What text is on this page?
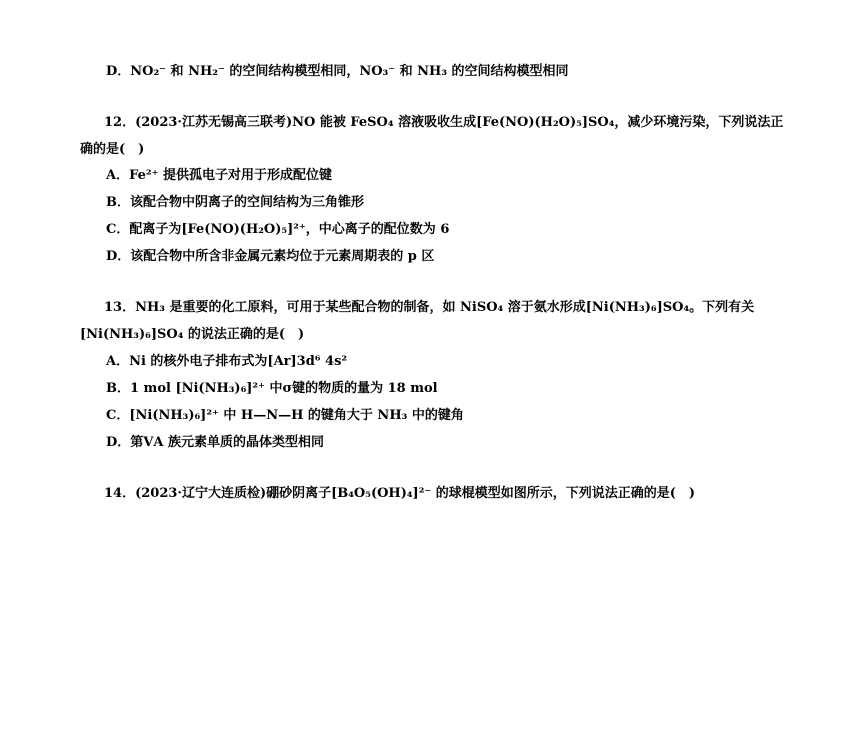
D．NO₂⁻ 和 NH₂⁻ 的空间结构模型相同，NO₃⁻ 和 NH₃ 的空间结构模型相同
12．(2023·江苏无锡高三联考)NO 能被 FeSO₄ 溶液吸收生成[Fe(NO)(H₂O)₅]SO₄，减少环境污染，下列说法正
确的是(　)
A．Fe²⁺ 提供孤电子对用于形成配位键
B．该配合物中阴离子的空间结构为三角锥形
C．配离子为[Fe(NO)(H₂O)₅]²⁺，中心离子的配位数为 6
D．该配合物中所含非金属元素均位于元素周期表的 p 区
13．NH₃ 是重要的化工原料，可用于某些配合物的制备，如 NiSO₄ 溶于氨水形成[Ni(NH₃)₆]SO₄。下列有关
[Ni(NH₃)₆]SO₄ 的说法正确的是(　)
A．Ni 的核外电子排布式为[Ar]3d⁶ 4s²
B．1 mol [Ni(NH₃)₆]²⁺ 中σ键的物质的量为 18 mol
C．[Ni(NH₃)₆]²⁺ 中 H—N—H 的键角大于 NH₃ 中的键角
D．第ⅤA 族元素单质的晶体类型相同
14．(2023·辽宁大连质检)硼砂阴离子[B₄O₅(OH)₄]²⁻ 的球棍模型如图所示，下列说法正确的是(　)
